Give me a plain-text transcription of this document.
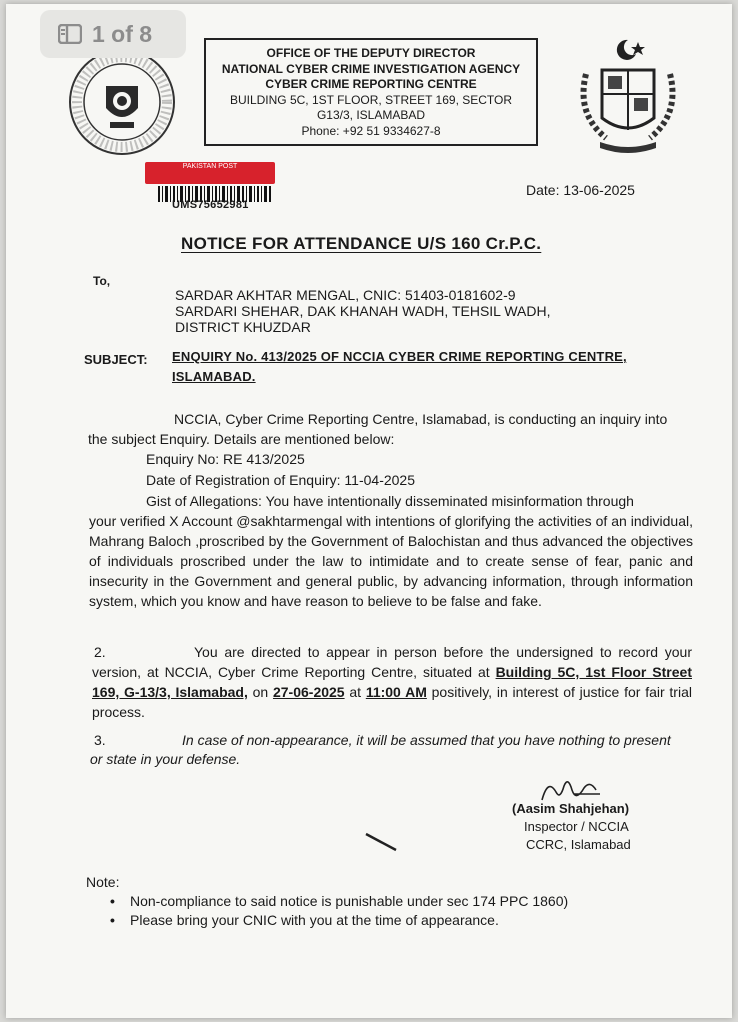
OFFICE OF THE DEPUTY DIRECTOR
NATIONAL CYBER CRIME INVESTIGATION AGENCY
CYBER CRIME REPORTING CENTRE
BUILDING 5C, 1ST FLOOR, STREET 169, SECTOR
G13/3, ISLAMABAD
Phone: +92 51 9334627-8
PAKISTAN POST
UMS75652981
Date: 13-06-2025
NOTICE FOR ATTENDANCE U/S 160 Cr.P.C.
To,
SARDAR AKHTAR MENGAL, CNIC: 51403-0181602-9
SARDARI SHEHAR, DAK KHANAH WADH, TEHSIL WADH,
DISTRICT KHUZDAR
SUBJECT: ENQUIRY No. 413/2025 OF NCCIA CYBER CRIME REPORTING CENTRE,
ISLAMABAD.
NCCIA, Cyber Crime Reporting Centre, Islamabad, is conducting an inquiry into
the subject Enquiry. Details are mentioned below:
Enquiry No: RE 413/2025
Date of Registration of Enquiry: 11-04-2025
Gist of Allegations: You have intentionally disseminated misinformation through
your verified X Account @sakhtarmengal with intentions of glorifying the activities of an individual, Mahrang Baloch ,proscribed by the Government of Balochistan and thus advanced the objectives of individuals proscribed under the law to intimidate and to create sense of fear, panic and insecurity in the Government and general public, by advancing information, through information system, which you know and have reason to believe to be false and fake.
2.	You are directed to appear in person before the undersigned to record your version, at NCCIA, Cyber Crime Reporting Centre, situated at Building 5C, 1st Floor Street 169, G-13/3, Islamabad, on 27-06-2025 at 11:00 AM positively, in interest of justice for fair trial process.
3.	In case of non-appearance, it will be assumed that you have nothing to present
or state in your defense.
(Aasim Shahjehan)
Inspector / NCCIA
CCRC, Islamabad
Note:
• Non-compliance to said notice is punishable under sec 174 PPC 1860)
• Please bring your CNIC with you at the time of appearance.
1 of 8
